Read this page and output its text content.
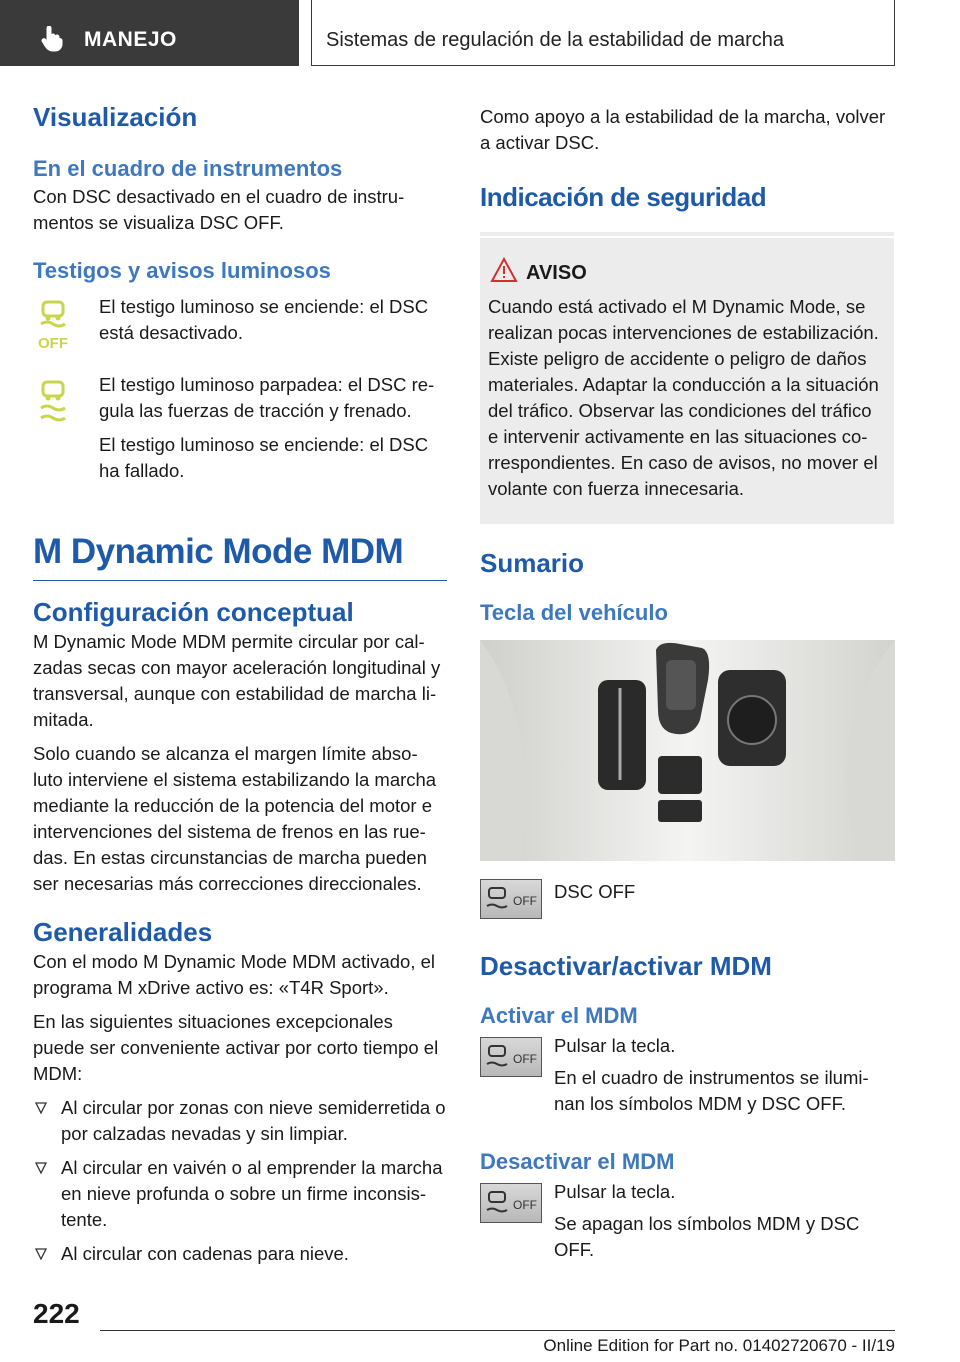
MANEJO	Sistemas de regulación de la estabilidad de marcha
Visualización
En el cuadro de instrumentos

Con DSC desactivado en el cuadro de instru-mentos se visualiza DSC OFF.

Testigos y avisos luminosos
OFF

El testigo luminoso se enciende: el DSC está desactivado.

El testigo luminoso parpadea: el DSC re-gula las fuerzas de tracción y frenado.

El testigo luminoso se enciende: el DSC ha fallado.

M Dynamic Mode MDM
Configuración conceptual

M Dynamic Mode MDM permite circular por cal-zadas secas con mayor aceleración longitudinal y transversal, aunque con estabilidad de marcha li-mitada.

Solo cuando se alcanza el margen límite abso-luto interviene el sistema estabilizando la marcha mediante la reducción de la potencia del motor e intervenciones del sistema de frenos en las rue-das. En estas circunstancias de marcha pueden ser necesarias más correcciones direccionales.

Generalidades

Con el modo M Dynamic Mode MDM activado, el programa M xDrive activo es: «T4R Sport».

En las siguientes situaciones excepcionales puede ser conveniente activar por corto tiempo el MDM:

Al circular por zonas con nieve semiderretida o por calzadas nevadas y sin limpiar.
Al circular en vaivén o al emprender la marcha en nieve profunda o sobre un firme inconsis-tente.
Al circular con cadenas para nieve.

Como apoyo a la estabilidad de la marcha, volver a activar DSC.

Indicación de seguridad
AVISO

Cuando está activado el M Dynamic Mode, se realizan pocas intervenciones de estabilización. Existe peligro de accidente o peligro de daños materiales. Adaptar la conducción a la situación del tráfico. Observar las condiciones del tráfico e intervenir activamente en las situaciones co-rrespondientes. En caso de avisos, no mover el volante con fuerza innecesaria.

Sumario
Tecla del vehículo
OFF DSC OFF

Desactivar/activar MDM
Activar el MDM
OFF

Pulsar la tecla.

En el cuadro de instrumentos se ilumi-nan los símbolos MDM y DSC OFF.

Desactivar el MDM
OFF

Pulsar la tecla.

Se apagan los símbolos MDM y DSC OFF.

222
Online Edition for Part no. 01402720670 - II/19
